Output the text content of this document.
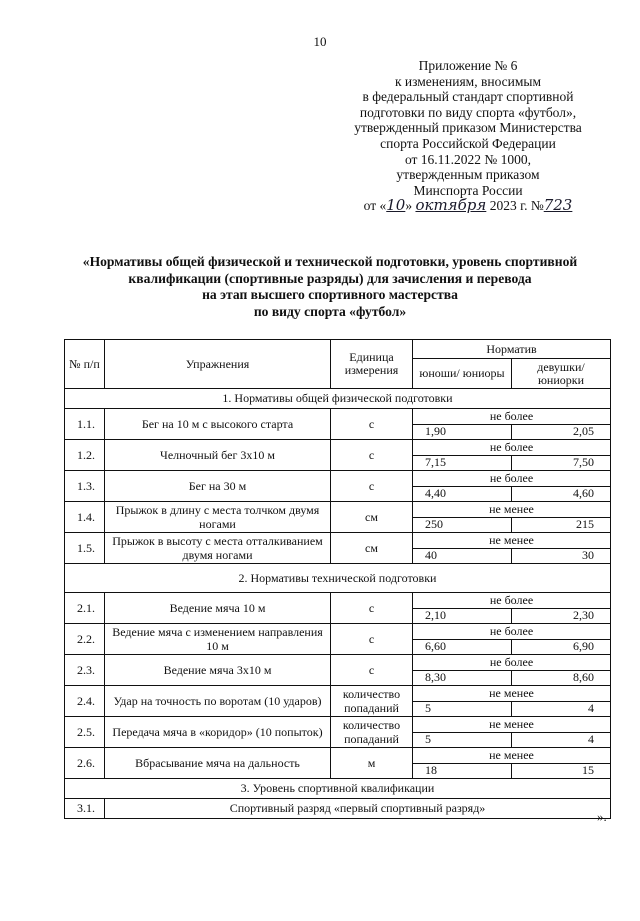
10
Приложение № 6
к изменениям, вносимым
в федеральный стандарт спортивной
подготовки по виду спорта «футбол»,
утвержденный приказом Министерства
спорта Российской Федерации
от 16.11.2022 № 1000,
утвержденным приказом
Минспорта России
от «10» октября 2023 г. №723
«Нормативы общей физической и технической подготовки, уровень спортивной
квалификации (спортивные разряды) для зачисления и перевода
на этап высшего спортивного мастерства
по виду спорта «футбол»
№ п/п	Упражнения	Единица измерения	Норматив	
			юноши/ юниоры	девушки/ юниорки
1. Нормативы общей физической подготовки				
1.1.	Бег на 10 м с высокого старта	с	не более	
			1,90	2,05
1.2.	Челночный бег 3х10 м	с	не более	
			7,15	7,50
1.3.	Бег на 30 м	с	не более	
			4,40	4,60
1.4.	Прыжок в длину с места толчком двумя ногами	см	не менее	
			250	215
1.5.	Прыжок в высоту с места отталкиванием двумя ногами	см	не менее	
			40	30
2. Нормативы технической подготовки				
2.1.	Ведение мяча 10 м	с	не более	
			2,10	2,30
2.2.	Ведение мяча с изменением направления 10 м	с	не более	
			6,60	6,90
2.3.	Ведение мяча 3х10 м	с	не более	
			8,30	8,60
2.4.	Удар на точность по воротам (10 ударов)	количество попаданий	не менее	
			5	4
2.5.	Передача мяча в «коридор» (10 попыток)	количество попаданий	не менее	
			5	4
2.6.	Вбрасывание мяча на дальность	м	не менее	
			18	15
3. Уровень спортивной квалификации				
3.1.	Спортивный разряд «первый спортивный разряд»			
».
